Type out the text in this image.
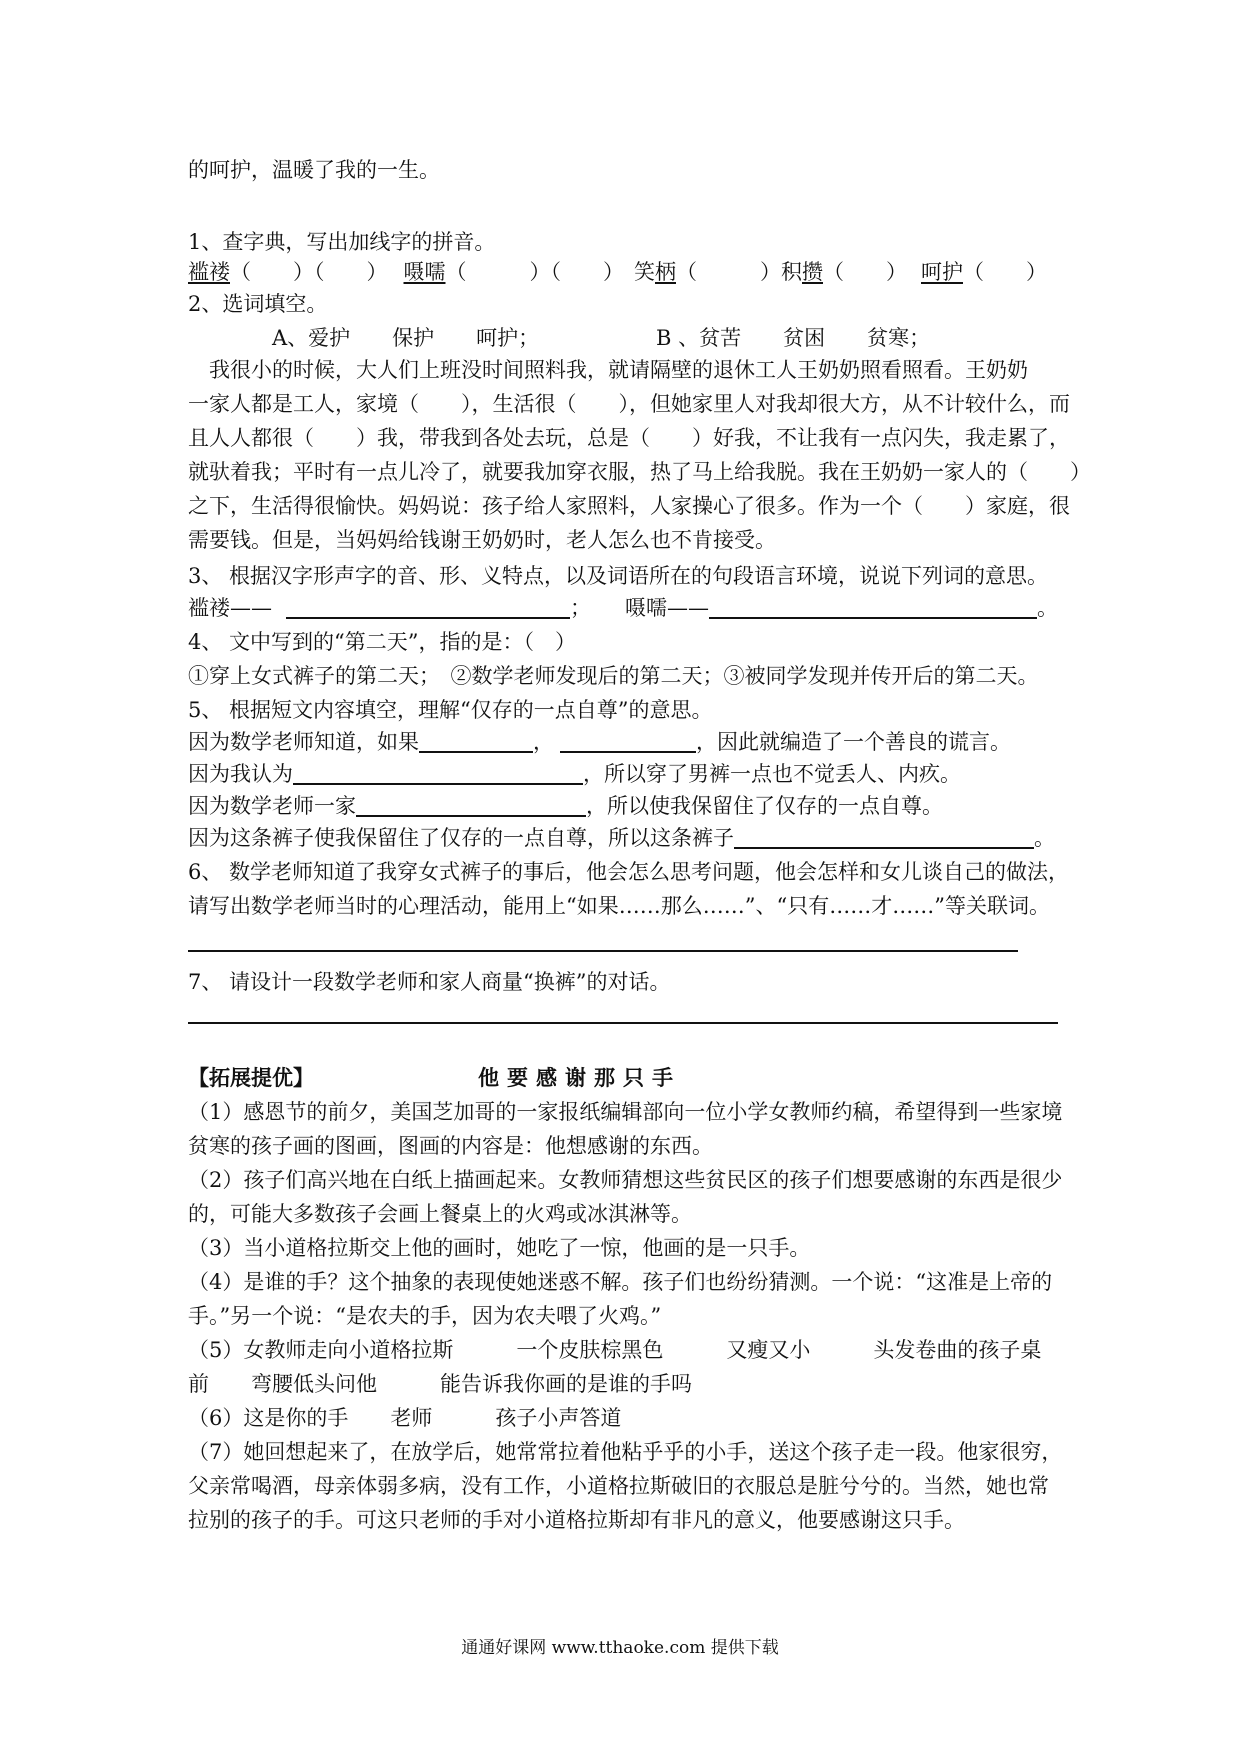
的呵护，温暖了我的一生。
1、查字典，写出加线字的拼音。
褴褛（　　）（　　） 嗫嚅（　　　）（　　） 笑柄（　　　）积攒（　　） 呵护（　　）
2、选词填空。
A、爱护　　保护　　呵护；	B 、贫苦　　贫困　　贫寒；
　我很小的时候，大人们上班没时间照料我，就请隔壁的退休工人王奶奶照看照看。王奶奶
一家人都是工人，家境（　　），生活很（　　），但她家里人对我却很大方，从不计较什么，而
且人人都很（　　）我，带我到各处去玩，总是（　　）好我，不让我有一点闪失，我走累了，
就驮着我；平时有一点儿冷了，就要我加穿衣服，热了马上给我脱。我在王奶奶一家人的（　　）
之下，生活得很愉快。妈妈说：孩子给人家照料，人家操心了很多。作为一个（　　）家庭，很
需要钱。但是，当妈妈给钱谢王奶奶时，老人怎么也不肯接受。
3、 根据汉字形声字的音、形、义特点，以及词语所在的句段语言环境，说说下列词的意思。
褴褛——	； 嗫嚅——	。
4、 文中写到的“第二天”，指的是：（　）
①穿上女式裤子的第二天；　②数学老师发现后的第二天；③被同学发现并传开后的第二天。
5、 根据短文内容填空，理解“仅存的一点自尊”的意思。
因为数学老师知道，如果	，	，因此就编造了一个善良的谎言。
因为我认为	，所以穿了男裤一点也不觉丢人、内疚。
因为数学老师一家	，所以使我保留住了仅存的一点自尊。
因为这条裤子使我保留住了仅存的一点自尊，所以这条裤子	。
6、 数学老师知道了我穿女式裤子的事后，他会怎么思考问题，他会怎样和女儿谈自己的做法，
请写出数学老师当时的心理活动，能用上“如果……那么……”、“只有……才……”等关联词。
7、 请设计一段数学老师和家人商量“换裤”的对话。
【拓展提优】	他要感谢那只手
（1）感恩节的前夕，美国芝加哥的一家报纸编辑部向一位小学女教师约稿，希望得到一些家境
贫寒的孩子画的图画，图画的内容是：他想感谢的东西。
（2）孩子们高兴地在白纸上描画起来。女教师猜想这些贫民区的孩子们想要感谢的东西是很少
的，可能大多数孩子会画上餐桌上的火鸡或冰淇淋等。
（3）当小道格拉斯交上他的画时，她吃了一惊，他画的是一只手。
（4）是谁的手？这个抽象的表现使她迷惑不解。孩子们也纷纷猜测。一个说：“这准是上帝的
手。”另一个说：“是农夫的手，因为农夫喂了火鸡。”
（5）女教师走向小道格拉斯　　　一个皮肤棕黑色　　　又瘦又小　　　头发卷曲的孩子桌
前　　弯腰低头问他　　　能告诉我你画的是谁的手吗
（6）这是你的手　　老师　　　孩子小声答道
（7）她回想起来了，在放学后，她常常拉着他粘乎乎的小手，送这个孩子走一段。他家很穷，
父亲常喝酒，母亲体弱多病，没有工作，小道格拉斯破旧的衣服总是脏兮兮的。当然，她也常
拉别的孩子的手。可这只老师的手对小道格拉斯却有非凡的意义，他要感谢这只手。
通通好课网 www.tthaoke.com 提供下载
